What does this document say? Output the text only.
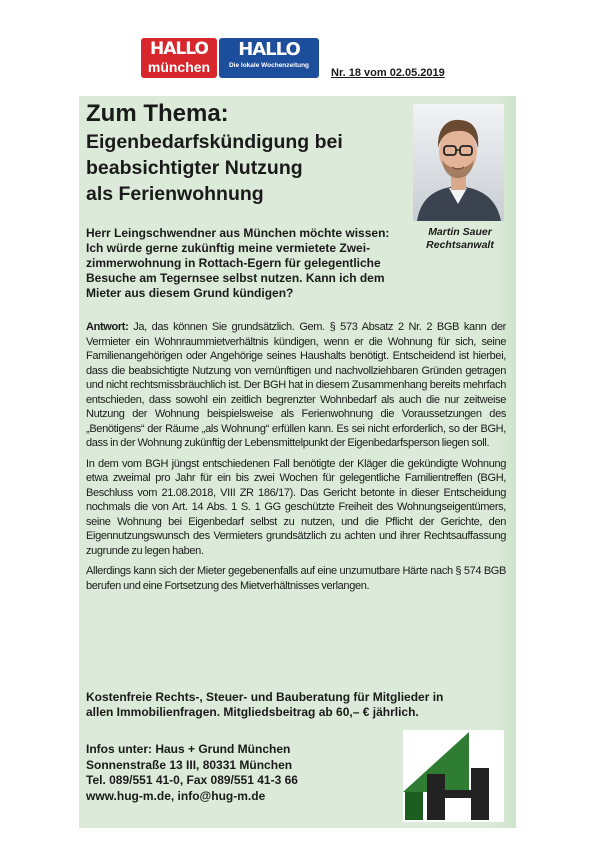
HALLO
münchen
HALLO
Die lokale Wochenzeitung
Nr. 18 vom 02.05.2019

Zum Thema:

Eigenbedarfskündigung bei

beabsichtigter Nutzung

als Ferienwohnung

Martin Sauer
Rechtsanwalt

Herr Leingschwendner aus München möchte wissen:

Ich würde gerne zukünftig meine vermietete Zwei-

zimmerwohnung in Rottach-Egern für gelegentliche

Besuche am Tegernsee selbst nutzen. Kann ich dem

Mieter aus diesem Grund kündigen?

Antwort: Ja, das können Sie grundsätzlich. Gem. § 573 Absatz 2 Nr. 2 BGB kann der Vermieter ein Wohnraummietverhältnis kündigen, wenn er die Wohnung für sich, seine Familienangehörigen oder Angehörige seines Haushalts benötigt. Entscheidend ist hierbei, dass die beabsichtigte Nutzung von vernünftigen und nachvollziehbaren Gründen getragen und nicht rechtsmissbräuchlich ist. Der BGH hat in diesem Zusammenhang bereits mehrfach entschieden, dass sowohl ein zeitlich begrenzter Wohnbedarf als auch die nur zeitweise Nutzung der Wohnung beispielsweise als Ferienwohnung die Voraussetzungen des „Benötigens“ der Räume „als Wohnung“ erfüllen kann. Es sei nicht erforderlich, so der BGH, dass in der Wohnung zukünftig der Lebensmittelpunkt der Eigenbedarfsperson liegen soll.

In dem vom BGH jüngst entschiedenen Fall benötigte der Kläger die gekündigte Wohnung etwa zweimal pro Jahr für ein bis zwei Wochen für gelegentliche Familientreffen (BGH, Beschluss vom 21.08.2018, VIII ZR 186/17). Das Gericht betonte in dieser Entscheidung nochmals die von Art. 14 Abs. 1 S. 1 GG geschützte Freiheit des Wohnungseigentümers, seine Wohnung bei Eigenbedarf selbst zu nutzen, und die Pflicht der Gerichte, den Eigennutzungswunsch des Vermieters grundsätzlich zu achten und ihrer Rechtsauffassung zugrunde zu legen haben.

Allerdings kann sich der Mieter gegebenenfalls auf eine unzumutbare Härte nach § 574 BGB berufen und eine Fortsetzung des Mietverhältnisses verlangen.

Kostenfreie Rechts-, Steuer- und Bauberatung für Mitglieder in

allen Immobilienfragen. Mitgliedsbeitrag ab 60,– € jährlich.

Infos unter: Haus + Grund München

Sonnenstraße 13 III, 80331 München

Tel. 089/551 41-0, Fax 089/551 41-3 66

www.hug-m.de, info@hug-m.de
